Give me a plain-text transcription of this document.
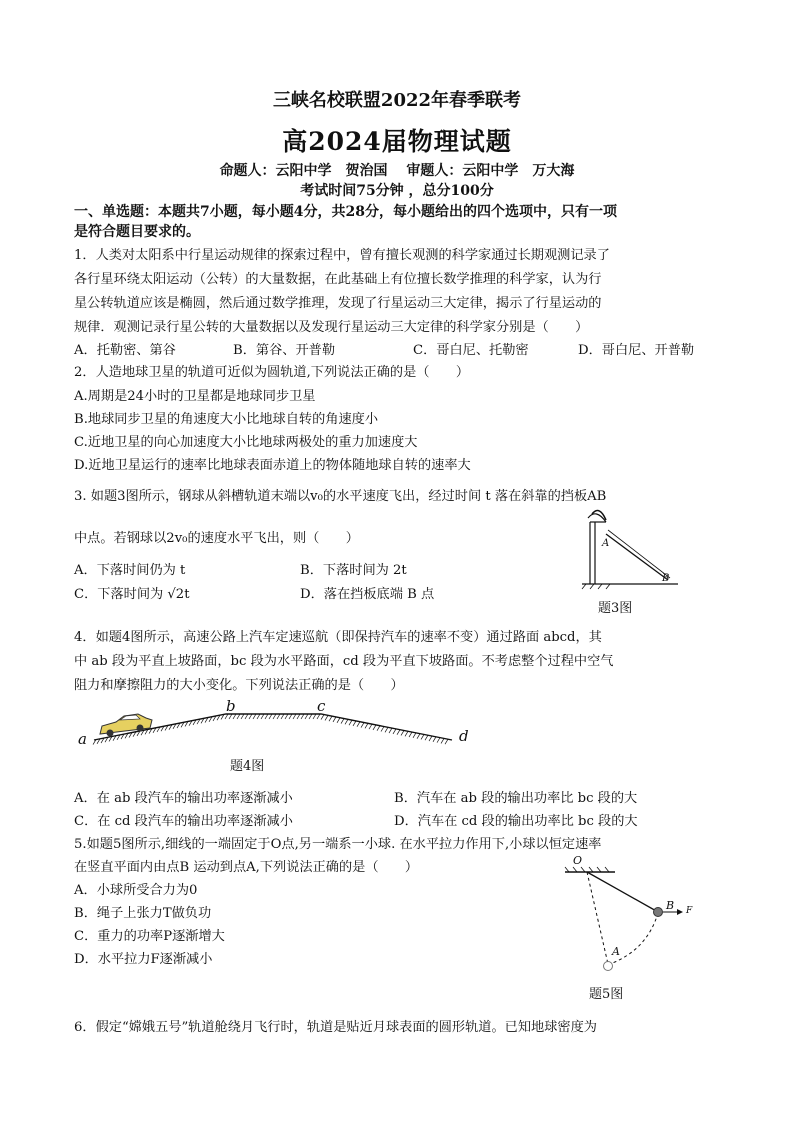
三峡名校联盟2022年春季联考
高2024届物理试题
命题人：云阳中学　贺治国　 审题人：云阳中学　万大海
考试时间75分钟 ，总分100分
一、单选题：本题共7小题，每小题4分，共28分，每小题给出的四个选项中，只有一项
是符合题目要求的。
1．人类对太阳系中行星运动规律的探索过程中，曾有擅长观测的科学家通过长期观测记录了
各行星环绕太阳运动（公转）的大量数据，在此基础上有位擅长数学推理的科学家，认为行
星公转轨道应该是椭圆，然后通过数学推理，发现了行星运动三大定律，揭示了行星运动的
规律．观测记录行星公转的大量数据以及发现行星运动三大定律的科学家分别是（　　）
A．托勒密、第谷	B．第谷、开普勒	C．哥白尼、托勒密	D．哥白尼、开普勒
2．人造地球卫星的轨道可近似为圆轨道,下列说法正确的是（　　）
A.周期是24小时的卫星都是地球同步卫星
B.地球同步卫星的角速度大小比地球自转的角速度小
C.近地卫星的向心加速度大小比地球两极处的重力加速度大
D.近地卫星运行的速率比地球表面赤道上的物体随地球自转的速率大
3. 如题3图所示，钢球从斜槽轨道末端以v₀的水平速度飞出，经过时间 t 落在斜靠的挡板AB
中点。若钢球以2v₀的速度水平飞出，则（　　）
A．下落时间仍为 t	B．下落时间为 2t
C．下落时间为 √2t	D．落在挡板底端 B 点
A
B
题3图
4．如题4图所示，高速公路上汽车定速巡航（即保持汽车的速率不变）通过路面 abcd，其
中 ab 段为平直上坡路面，bc 段为水平路面，cd 段为平直下坡路面。不考虑整个过程中空气
阻力和摩擦阻力的大小变化。下列说法正确的是（　　）
a
b	c
d
题4图
A．在 ab 段汽车的输出功率逐渐减小	B．汽车在 ab 段的输出功率比 bc 段的大
C．在 cd 段汽车的输出功率逐渐减小	D．汽车在 cd 段的输出功率比 bc 段的大
5.如题5图所示,细线的一端固定于O点,另一端系一小球. 在水平拉力作用下,小球以恒定速率
在竖直平面内由点B 运动到点A,下列说法正确的是（　　）
A．小球所受合力为0
B．绳子上张力T做负功
C．重力的功率P逐渐增大
D．水平拉力F逐渐减小
O
B F
A
题5图
6．假定“嫦娥五号”轨道舱绕月飞行时，轨道是贴近月球表面的圆形轨道。已知地球密度为
